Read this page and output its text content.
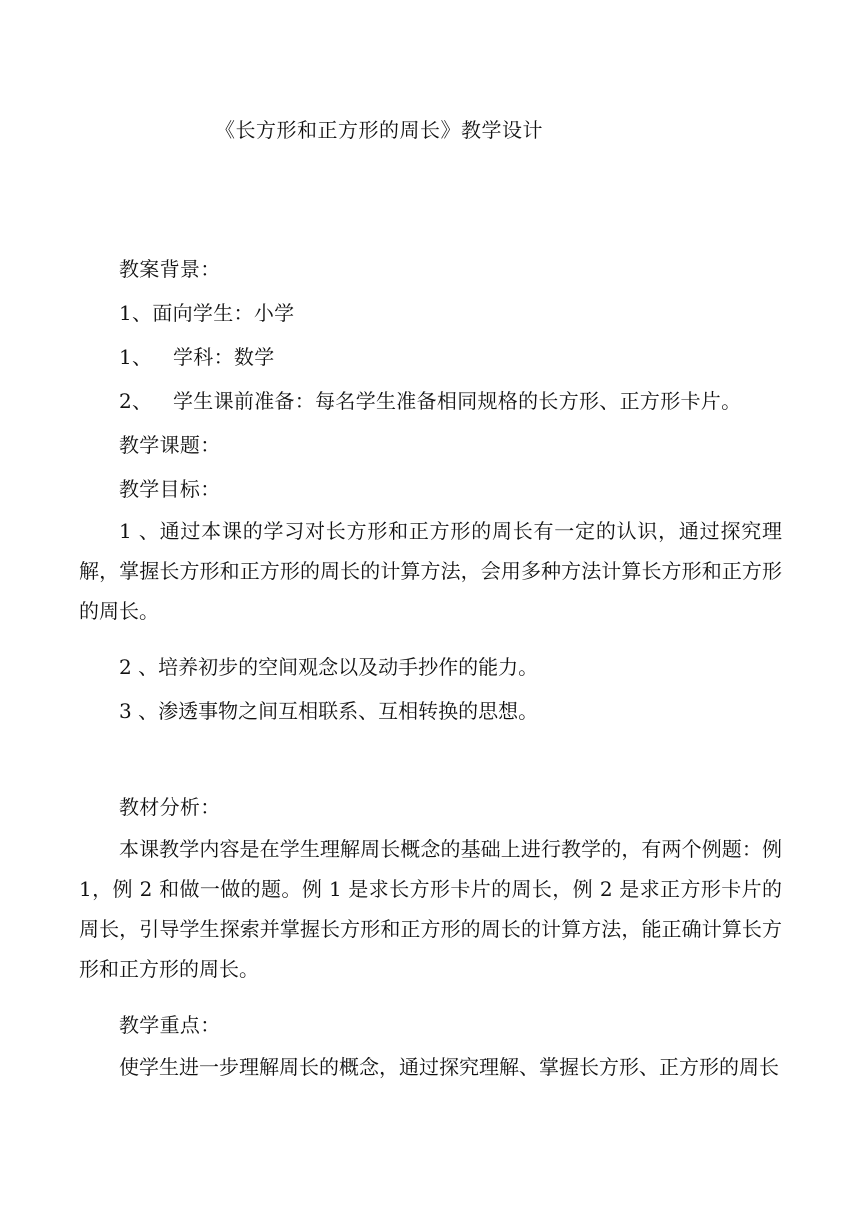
《长方形和正方形的周长》教学设计
教案背景：
1、面向学生：小学
1、 学科：数学
2、 学生课前准备：每名学生准备相同规格的长方形、正方形卡片。
教学课题：
教学目标：

1 、通过本课的学习对长方形和正方形的周长有一定的认识，通过探究理解，掌握长方形和正方形的周长的计算方法，会用多种方法计算长方形和正方形的周长。

2 、培养初步的空间观念以及动手抄作的能力。

3 、渗透事物之间互相联系、互相转换的思想。

教材分析：

本课教学内容是在学生理解周长概念的基础上进行教学的，有两个例题：例 1，例 2 和做一做的题。例 1 是求长方形卡片的周长，例 2 是求正方形卡片的周长，引导学生探索并掌握长方形和正方形的周长的计算方法，能正确计算长方形和正方形的周长。

教学重点：

使学生进一步理解周长的概念，通过探究理解、掌握长方形、正方形的周长
